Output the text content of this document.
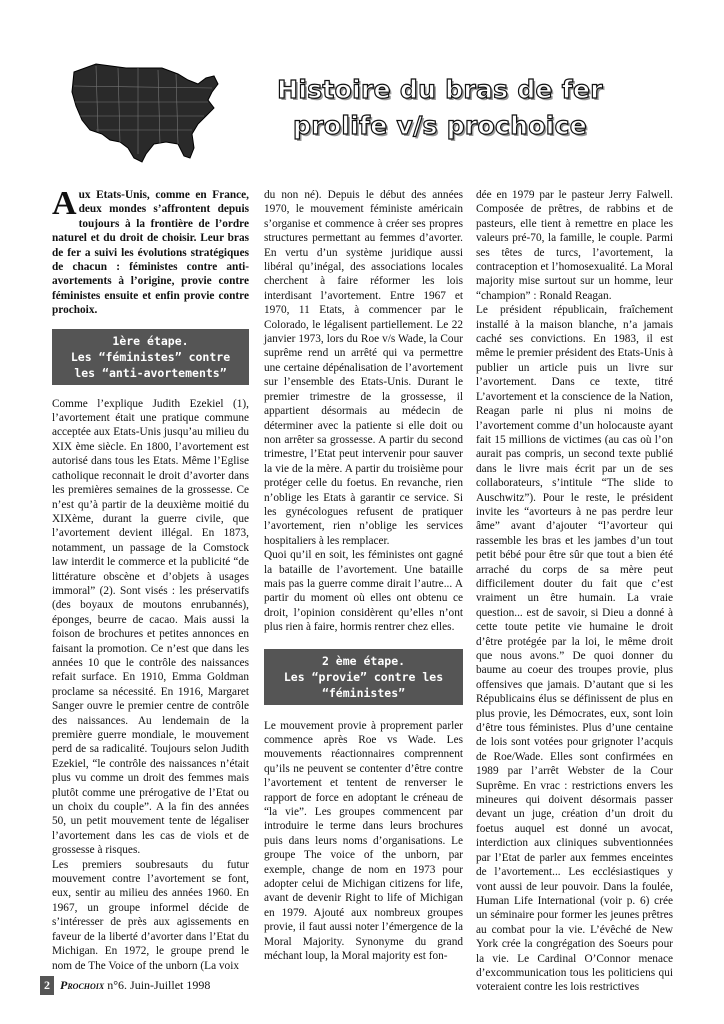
Histoire du bras de fer prolife v/s prochoice
Aux Etats-Unis, comme en France, deux mondes s’affrontent depuis toujours à la frontière de l’ordre naturel et du droit de choisir. Leur bras de fer a suivi les évolutions stratégiques de chacun : féministes contre anti-avortements à l’origine, provie contre féministes ensuite et enfin provie contre prochoix.
1ère étape.
Les “féministes” contre les “anti-avortements”

Comme l’explique Judith Ezekiel (1), l’avortement était une pratique commune acceptée aux Etats-Unis jusqu’au milieu du XIX ème siècle. En 1800, l’avortement est autorisé dans tous les Etats. Même l’Eglise catholique reconnait le droit d’avorter dans les premières semaines de la grossesse. Ce n’est qu’à partir de la deuxième moitié du XIXème, durant la guerre civile, que l’avortement devient illégal. En 1873, notamment, un passage de la Comstock law interdit le commerce et la publicité “de littérature obscène et d’objets à usages immoral” (2). Sont visés : les préservatifs (des boyaux de moutons enrubannés), éponges, beurre de cacao. Mais aussi la foison de brochures et petites annonces en faisant la promotion. Ce n’est que dans les années 10 que le contrôle des naissances refait surface. En 1910, Emma Goldman proclame sa nécessité. En 1916, Margaret Sanger ouvre le premier centre de contrôle des naissances. Au lendemain de la première guerre mondiale, le mouvement perd de sa radicalité. Toujours selon Judith Ezekiel, “le contrôle des naissances n’était plus vu comme un droit des femmes mais plutôt comme une prérogative de l’Etat ou un choix du couple”. A la fin des années 50, un petit mouvement tente de légaliser l’avortement dans les cas de viols et de grossesse à risques.

Les premiers soubresauts du futur mouvement contre l’avortement se font, eux, sentir au milieu des années 1960. En 1967, un groupe informel décide de s’intéresser de près aux agissements en faveur de la liberté d’avorter dans l’Etat du Michigan. En 1972, le groupe prend le nom de The Voice of the unborn (La voix

du non né). Depuis le début des années 1970, le mouvement féministe américain s’organise et commence à créer ses propres structures permettant au femmes d’avorter. En vertu d’un système juridique aussi libéral qu’inégal, des associations locales cherchent à faire réformer les lois interdisant l’avortement. Entre 1967 et 1970, 11 Etats, à commencer par le Colorado, le légalisent partiellement. Le 22 janvier 1973, lors du Roe v/s Wade, la Cour suprême rend un arrêté qui va permettre une certaine dépénalisation de l’avortement sur l’ensemble des Etats-Unis. Durant le premier trimestre de la grossesse, il appartient désormais au médecin de déterminer avec la patiente si elle doit ou non arrêter sa grossesse. A partir du second trimestre, l’Etat peut intervenir pour sauver la vie de la mère. A partir du troisième pour protéger celle du foetus. En revanche, rien n’oblige les Etats à garantir ce service. Si les gynécologues refusent de pratiquer l’avortement, rien n’oblige les services hospitaliers à les remplacer.

Quoi qu’il en soit, les féministes ont gagné la bataille de l’avortement. Une bataille mais pas la guerre comme dirait l’autre... A partir du moment où elles ont obtenu ce droit, l’opinion considèrent qu’elles n’ont plus rien à faire, hormis rentrer chez elles.

2 ème étape.
Les “provie” contre les “féministes”

Le mouvement provie à proprement parler commence après Roe vs Wade. Les mouvements réactionnaires comprennent qu’ils ne peuvent se contenter d’être contre l’avortement et tentent de renverser le rapport de force en adoptant le créneau de “la vie”. Les groupes commencent par introduire le terme dans leurs brochures puis dans leurs noms d’organisations. Le groupe The voice of the unborn, par exemple, change de nom en 1973 pour adopter celui de Michigan citizens for life, avant de devenir Right to life of Michigan en 1979. Ajouté aux nombreux groupes provie, il faut aussi noter l’émergence de la Moral Majority. Synonyme du grand méchant loup, la Moral majority est fon-

dée en 1979 par le pasteur Jerry Falwell. Composée de prêtres, de rabbins et de pasteurs, elle tient à remettre en place les valeurs pré-70, la famille, le couple. Parmi ses têtes de turcs, l’avortement, la contraception et l’homosexualité. La Moral majority mise surtout sur un homme, leur “champion” : Ronald Reagan.

Le président républicain, fraîchement installé à la maison blanche, n’a jamais caché ses convictions. En 1983, il est même le premier président des Etats-Unis à publier un article puis un livre sur l’avortement. Dans ce texte, titré L’avortement et la conscience de la Nation, Reagan parle ni plus ni moins de l’avortement comme d’un holocauste ayant fait 15 millions de victimes (au cas où l’on aurait pas compris, un second texte publié dans le livre mais écrit par un de ses collaborateurs, s’intitule “The slide to Auschwitz”). Pour le reste, le président invite les “avorteurs à ne pas perdre leur âme” avant d’ajouter “l’avorteur qui rassemble les bras et les jambes d’un tout petit bébé pour être sûr que tout a bien été arraché du corps de sa mère peut difficilement douter du fait que c’est vraiment un être humain. La vraie question... est de savoir, si Dieu a donné à cette toute petite vie humaine le droit d’être protégée par la loi, le même droit que nous avons.” De quoi donner du baume au coeur des troupes provie, plus offensives que jamais. D’autant que si les Républicains élus se définissent de plus en plus provie, les Démocrates, eux, sont loin d’être tous féministes. Plus d’une centaine de lois sont votées pour grignoter l’acquis de Roe/Wade. Elles sont confirmées en 1989 par l’arrêt Webster de la Cour Suprême. En vrac : restrictions envers les mineures qui doivent désormais passer devant un juge, création d’un droit du foetus auquel est donné un avocat, interdiction aux cliniques subventionnées par l’Etat de parler aux femmes enceintes de l’avortement... Les ecclésiastiques y vont aussi de leur pouvoir. Dans la foulée, Human Life International (voir p. 6) crée un séminaire pour former les jeunes prêtres au combat pour la vie. L’évêché de New York crée la congrégation des Soeurs pour la vie. Le Cardinal O’Connor menace d’excommunication tous les politiciens qui voteraient contre les lois restrictives

2 Prochoix n°6. Juin-Juillet 1998
